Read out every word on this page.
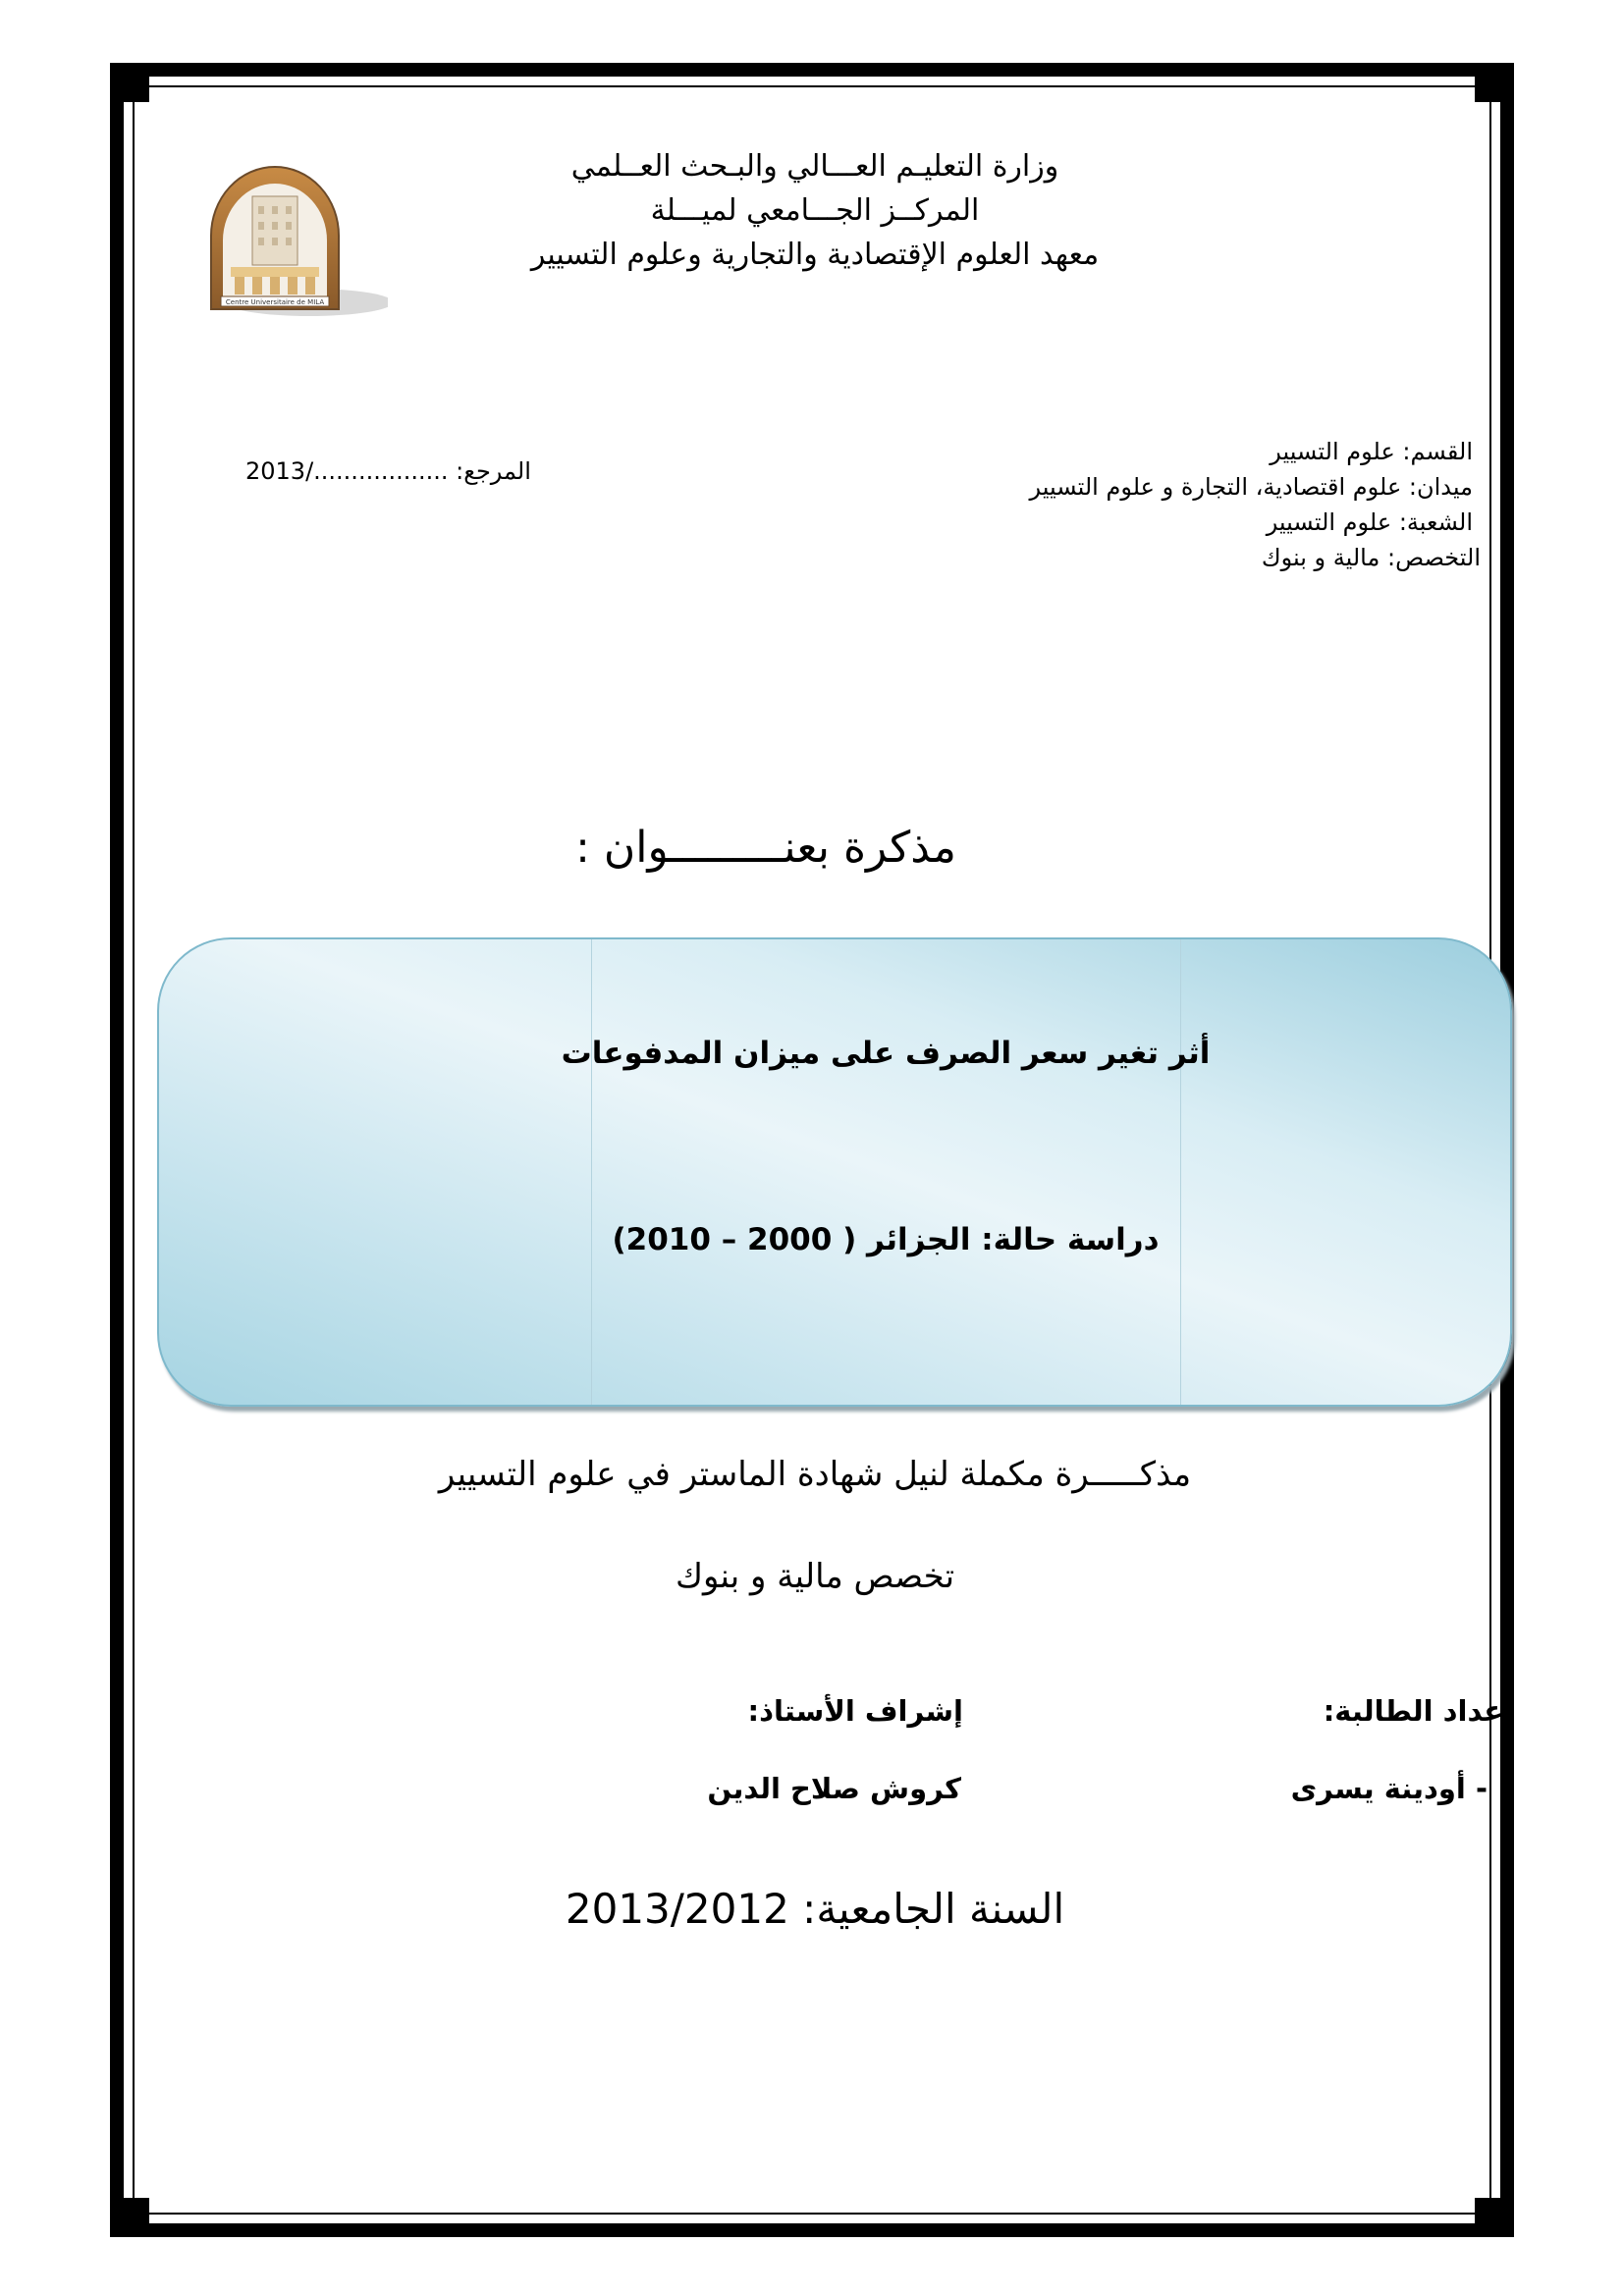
وزارة التعليـم العـــالي والبـحث العــلمي
المركــز الجـــامعي لميـــلة
معهد العلوم الإقتصادية والتجارية وعلوم التسيير
Centre Universitaire de MILA
القسم: علوم التسيير
ميدان: علوم اقتصادية، التجارة و علوم التسيير
الشعبة: علوم التسيير
التخصص: مالية و بنوك
المرجع: ................../2013
مذكرة بعنـــــــــوان :
أثر تغير سعر الصرف على ميزان المدفوعات
دراسة حالة: الجزائر ( 2000 – 2010)
مذكـــــرة مكملة لنيل شهادة الماستر في علوم التسيير
تخصص مالية و بنوك
إعداد الطالبة:
إشراف الأستاذ:
- أودينة يسرى
كروش صلاح الدين
السنة الجامعية: 2013/2012
